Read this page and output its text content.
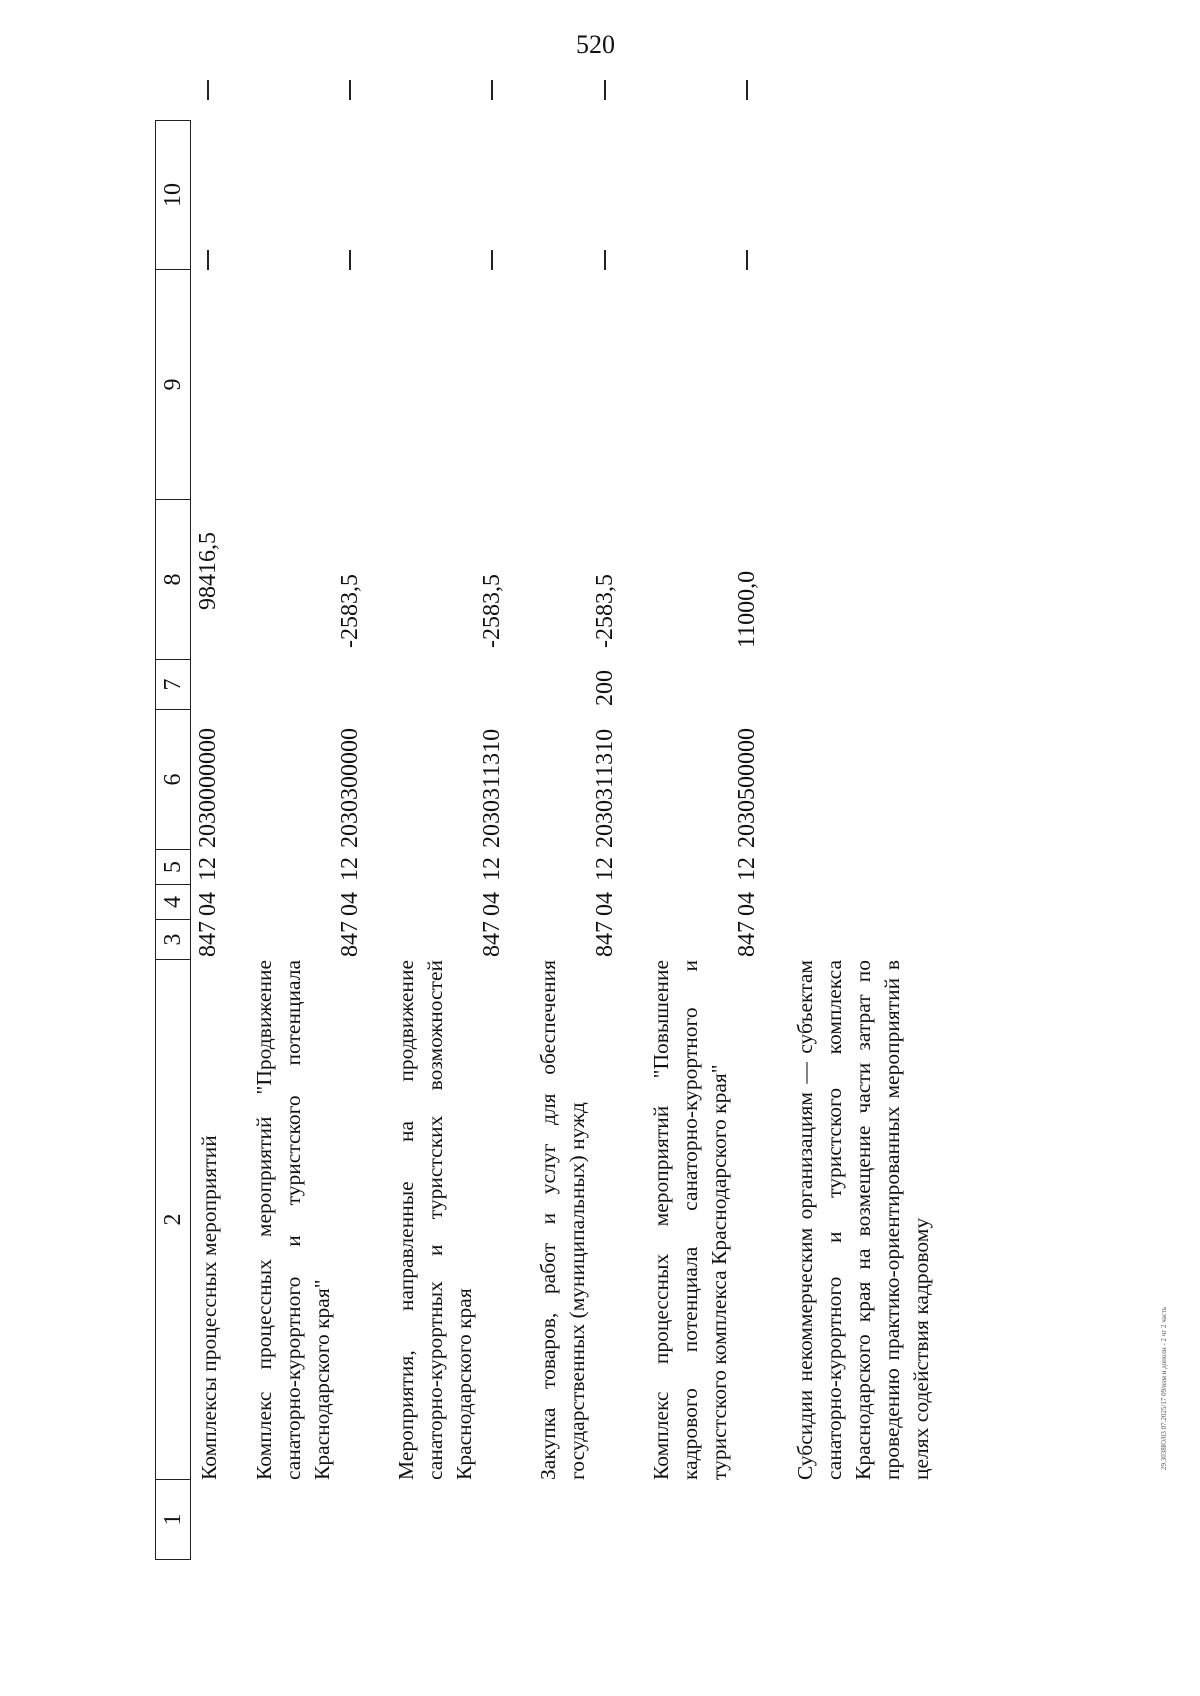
520
29.3038Ю/03 07.2025/17 09/изм и дополн - 2 чт 2 часть
1
2
3
4
5
6
7
8
9
10
Комплексы процессных мероприятий
847
04
12
2030000000
98416,5
Комплекс процессных мероприятий "Продвижение санаторно-курортного и туристского потенциала Краснодарского края"
847
04
12
2030300000
-2583,5
Мероприятия, направленные на продвижение санаторно-курортных и туристских возможностей Краснодарского края
847
04
12
2030311310
-2583,5
Закупка товаров, работ и услуг для обеспечения государственных (муниципальных) нужд
847
04
12
2030311310
200
-2583,5
Комплекс процессных мероприятий "Повышение кадрового потенциала санаторно-курортного и туристского комплекса Краснодарского края"
847
04
12
2030500000
11000,0
Субсидии некоммерческим организациям — субъектам санаторно-курортного и туристского комплекса Краснодарского края на возмещение части затрат по проведению практико-ориентированных мероприятий в целях содействия кадровому
